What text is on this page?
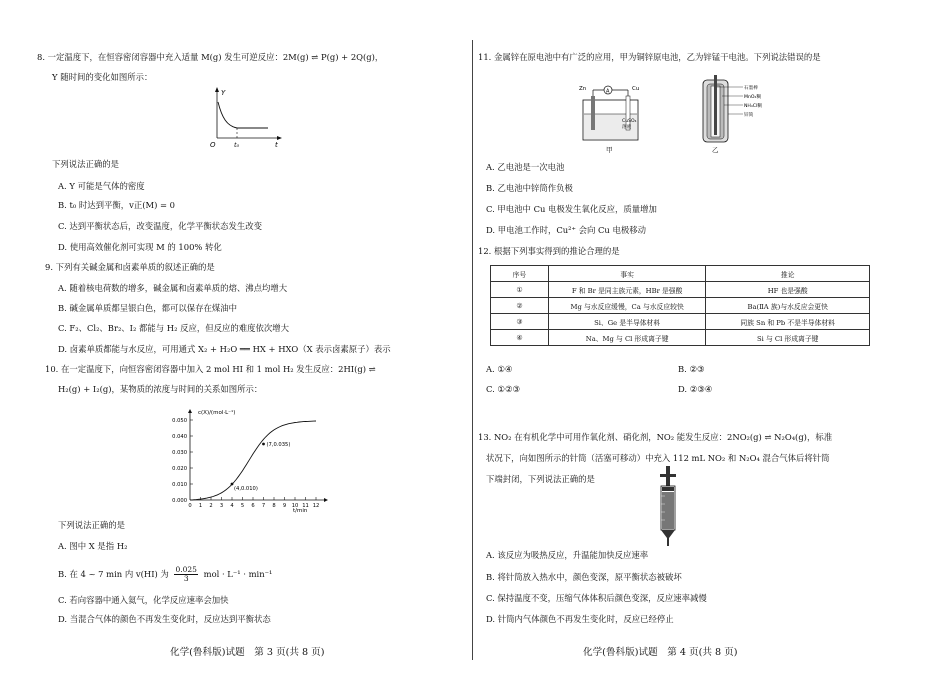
8. 一定温度下，在恒容密闭容器中充入适量 M(g) 发生可逆反应：2M(g) ⇌ P(g) + 2Q(g)，
Y 随时间的变化如图所示：
Y
O	t₀	t
下列说法正确的是
A. Y 可能是气体的密度
B. t₀ 时达到平衡，v正(M) = 0
C. 达到平衡状态后，改变温度，化学平衡状态发生改变
D. 使用高效催化剂可实现 M 的 100% 转化
9. 下列有关碱金属和卤素单质的叙述正确的是
A. 随着核电荷数的增多，碱金属和卤素单质的熔、沸点均增大
B. 碱金属单质都呈银白色，都可以保存在煤油中
C. F₂、Cl₂、Br₂、I₂ 都能与 H₂ 反应，但反应的难度依次增大
D. 卤素单质都能与水反应，可用通式 X₂ + H₂O ══ HX + HXO（X 表示卤素原子）表示
10. 在一定温度下，向恒容密闭容器中加入 2 mol HI 和 1 mol H₂ 发生反应：2HI(g) ⇌
H₂(g) + I₂(g)，某物质的浓度与时间的关系如图所示：
c(X)/(mol·L⁻¹)
t/min
(4,0.010)
(7,0.035)
0.000
0.010
0.020
0.030
0.040
0.050
0 1 2 3 4 5 6 7 8 9 10 11 12
下列说法正确的是
A. 图中 X 是指 H₂
B. 在 4 ~ 7 min 内 v(HI) 为 $\frac{0.025}{3}$ mol · L⁻¹ · min⁻¹
C. 若向容器中通入氦气，化学反应速率会加快
D. 当混合气体的颜色不再发生变化时，反应达到平衡状态
化学(鲁科版)试题　第 3 页(共 8 页)
11. 金属锌在原电池中有广泛的应用，甲为铜锌原电池，乙为锌锰干电池。下列说法错误的是
A
Zn	Cu
CuSO₄
溶液
甲
石墨棒
MnO₂糊
NH₄Cl糊
锌筒
乙
A. 乙电池是一次电池
B. 乙电池中锌筒作负极
C. 甲电池中 Cu 电极发生氧化反应，质量增加
D. 甲电池工作时，Cu²⁺ 会向 Cu 电极移动
12. 根据下列事实得到的推论合理的是
序号	事实	推论
①	F 和 Br 是同主族元素，HBr 是强酸	HF 也是强酸
②	Mg 与水反应缓慢，Ca 与水反应较快	Ba(ⅡA 族)与水反应会更快
③	Si、Ge 是半导体材料	同族 Sn 和 Pb 不是半导体材料
④	Na、Mg 与 Cl 形成离子键	Si 与 Cl 形成离子键
A. ①④	B. ②③
C. ①②③	D. ②③④
13. NO₂ 在有机化学中可用作氧化剂、硝化剂，NO₂ 能发生反应：2NO₂(g) ⇌ N₂O₄(g)，标准
状况下，向如图所示的针筒（活塞可移动）中充入 112 mL NO₂ 和 N₂O₄ 混合气体后将针筒
下端封闭，下列说法正确的是
A. 该反应为吸热反应，升温能加快反应速率
B. 将针筒放入热水中，颜色变深，原平衡状态被破坏
C. 保持温度不变，压缩气体体积后颜色变深，反应速率减慢
D. 针筒内气体颜色不再发生变化时，反应已经停止
化学(鲁科版)试题　第 4 页(共 8 页)
